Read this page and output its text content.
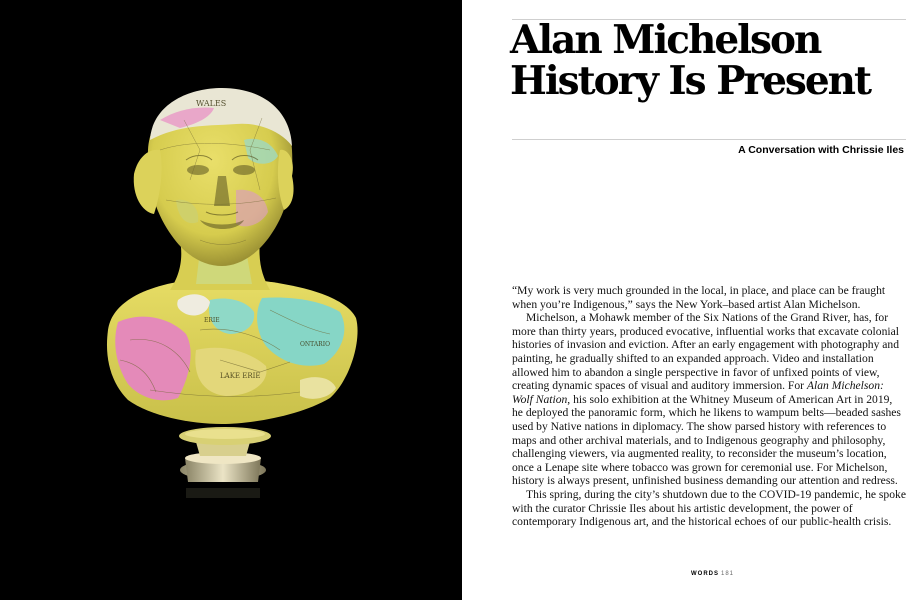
WALES
ERIE
LAKE ERIE
ONTARIO
Alan Michelson
History Is Present

A Conversation with Chrissie Iles

“My work is very much grounded in the local, in place, and place can be fraught when you’re Indigenous,” says the New York–based artist Alan Michelson.

Michelson, a Mohawk member of the Six Nations of the Grand River, has, for more than thirty years, produced evocative, influential works that excavate colonial histories of invasion and eviction. After an early engagement with photography and painting, he gradually shifted to an expanded approach. Video and installation allowed him to abandon a single perspective in favor of unfixed points of view, creating dynamic spaces of visual and auditory immersion. For Alan Michelson: Wolf Nation, his solo exhibition at the Whitney Museum of American Art in 2019, he deployed the panoramic form, which he likens to wampum belts—beaded sashes used by Native nations in diplomacy. The show parsed history with references to maps and other archival materials, and to Indigenous geography and philosophy, challenging viewers, via augmented reality, to reconsider the museum’s location, once a Lenape site where tobacco was grown for ceremonial use. For Michelson, history is always present, unfinished business demanding our attention and redress.

This spring, during the city’s shutdown due to the COVID-19 pandemic, he spoke with the curator Chrissie Iles about his artistic development, the power of contemporary Indigenous art, and the historical echoes of our public-health crisis.

WORDS 181
